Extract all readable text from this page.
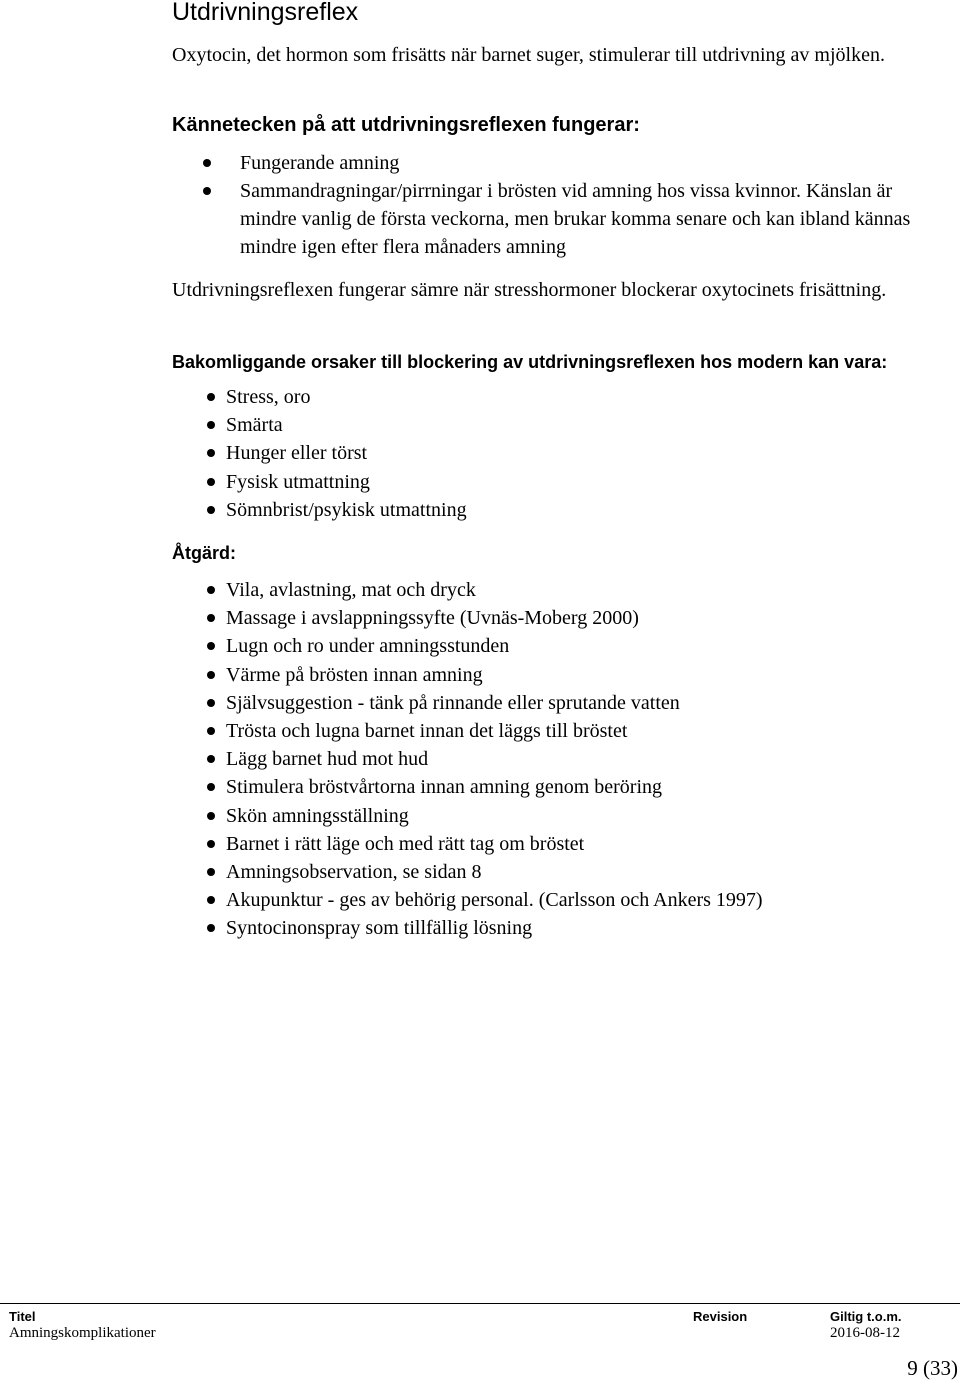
Utdrivningsreflex

Oxytocin, det hormon som frisätts när barnet suger, stimulerar till utdrivning av mjölken.

Kännetecken på att utdrivningsreflexen fungerar:
Fungerande amning
Sammandragningar/pirrningar i brösten vid amning hos vissa kvinnor. Känslan är mindre vanlig de första veckorna, men brukar komma senare och kan ibland kännas mindre igen efter flera månaders amning

Utdrivningsreflexen fungerar sämre när stresshormoner blockerar oxytocinets frisättning.

Bakomliggande orsaker till blockering av utdrivningsreflexen hos modern kan vara:
Stress, oro
Smärta
Hunger eller törst
Fysisk utmattning
Sömnbrist/psykisk utmattning
Åtgärd:
Vila, avlastning, mat och dryck
Massage i avslappningssyfte (Uvnäs-Moberg 2000)
Lugn och ro under amningsstunden
Värme på brösten innan amning
Självsuggestion - tänk på rinnande eller sprutande vatten
Trösta och lugna barnet innan det läggs till bröstet
Lägg barnet hud mot hud
Stimulera bröstvårtorna innan amning genom beröring
Skön amningsställning
Barnet i rätt läge och med rätt tag om bröstet
Amningsobservation, se sidan 8
Akupunktur - ges av behörig personal. (Carlsson och Ankers 1997)
Syntocinonspray som tillfällig lösning
Titel
Amningskomplikationer
Revision	Giltig t.o.m.
2016-08-12
9 (33)
